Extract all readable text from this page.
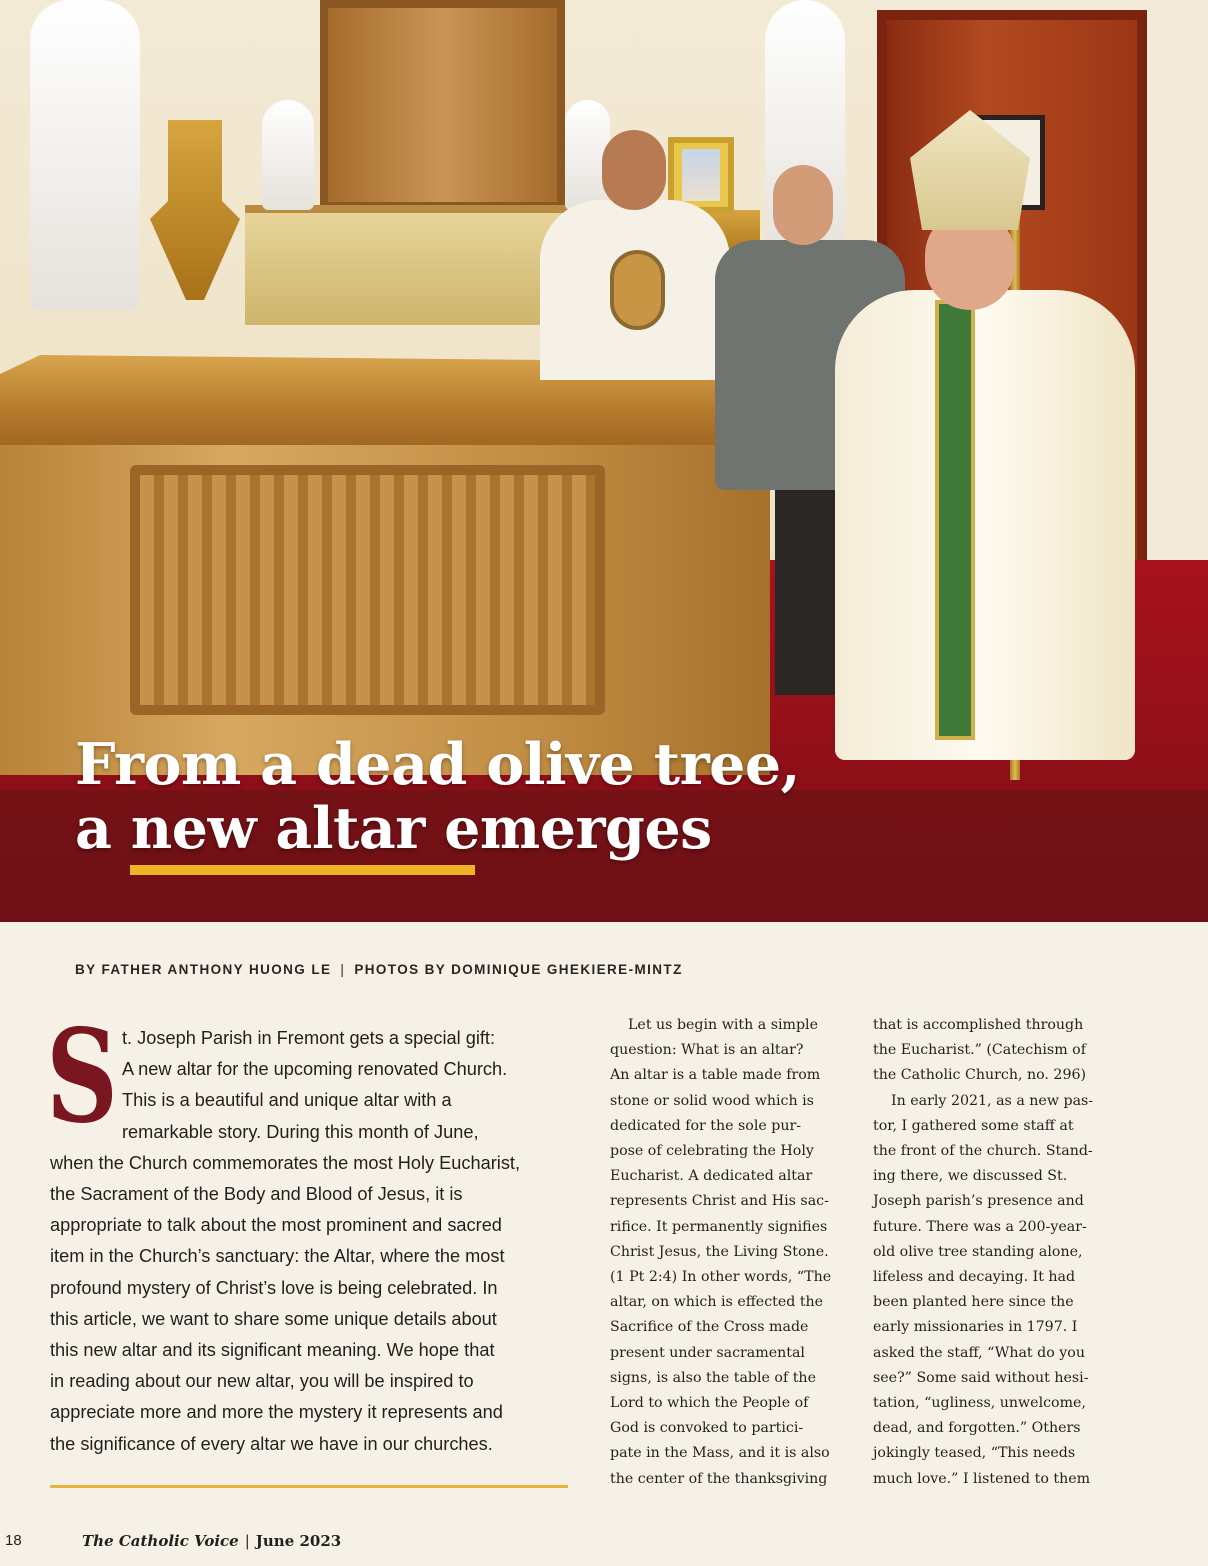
From a dead olive tree,
a new altar emerges
BY FATHER ANTHONY HUONG LE | PHOTOS BY DOMINIQUE GHEKIERE-MINTZ
S t. Joseph Parish in Fremont gets a special gift:
A new altar for the upcoming renovated Church.
This is a beautiful and unique altar with a
remarkable story. During this month of June,
when the Church commemorates the most Holy Eucharist,
the Sacrament of the Body and Blood of Jesus, it is
appropriate to talk about the most prominent and sacred
item in the Church’s sanctuary: the Altar, where the most
profound mystery of Christ’s love is being celebrated. In
this article, we want to share some unique details about
this new altar and its significant meaning. We hope that
in reading about our new altar, you will be inspired to
appreciate more and more the mystery it represents and
the significance of every altar we have in our churches.
Let us begin with a simple
question: What is an altar?
An altar is a table made from
stone or solid wood which is
dedicated for the sole pur-
pose of celebrating the Holy
Eucharist. A dedicated altar
represents Christ and His sac-
rifice. It permanently signifies
Christ Jesus, the Living Stone.
(1 Pt 2:4) In other words, “The
altar, on which is effected the
Sacrifice of the Cross made
present under sacramental
signs, is also the table of the
Lord to which the People of
God is convoked to partici-
pate in the Mass, and it is also
the center of the thanksgiving
that is accomplished through
the Eucharist.” (Catechism of
the Catholic Church, no. 296)
In early 2021, as a new pas-
tor, I gathered some staff at
the front of the church. Stand-
ing there, we discussed St.
Joseph parish’s presence and
future. There was a 200-year-
old olive tree standing alone,
lifeless and decaying. It had
been planted here since the
early missionaries in 1797. I
asked the staff, “What do you
see?” Some said without hesi-
tation, “ugliness, unwelcome,
dead, and forgotten.” Others
jokingly teased, “This needs
much love.” I listened to them
18	The Catholic Voice | June 2023
